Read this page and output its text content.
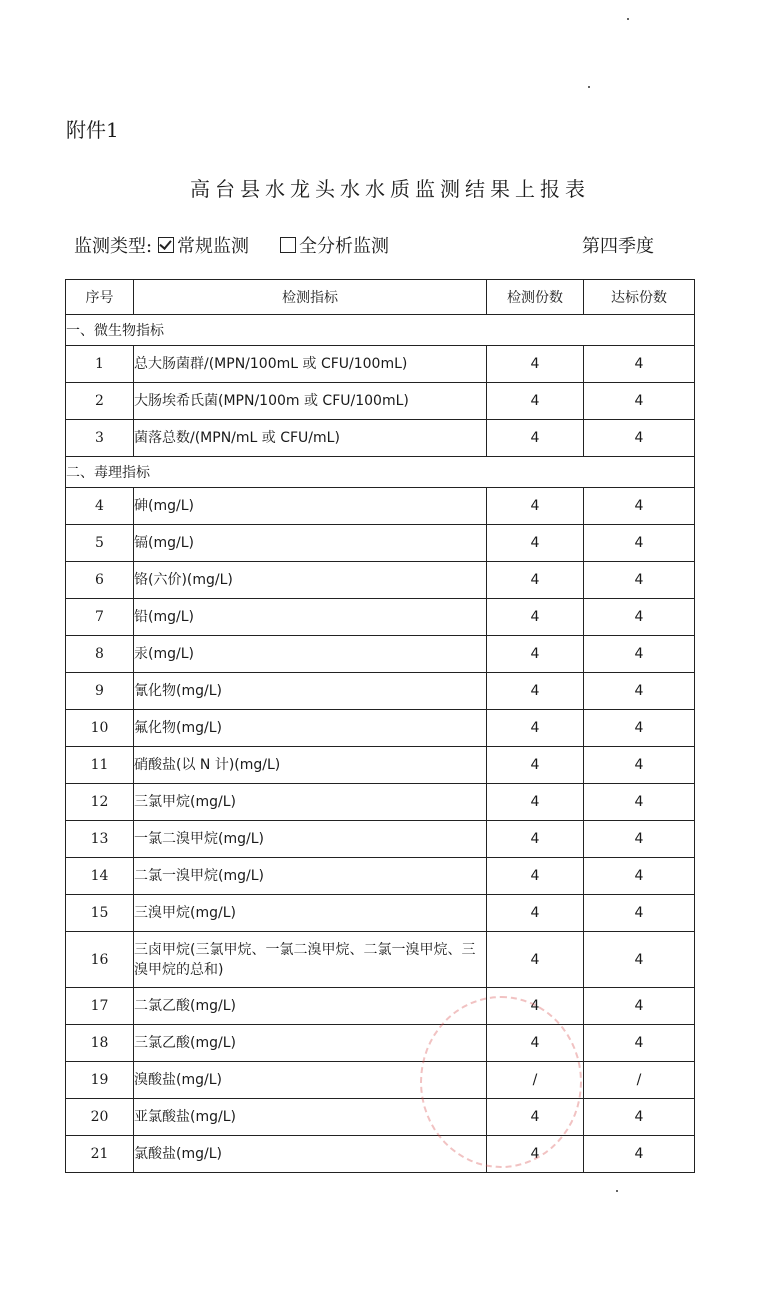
附件1
高台县水龙头水水质监测结果上报表
监测类型:	常规监测	全分析监测	第四季度
序号	检测指标	检测份数	达标份数
一、微生物指标			
1	总大肠菌群/(MPN/100mL 或 CFU/100mL)	4	4
2	大肠埃希氏菌(MPN/100m 或 CFU/100mL)	4	4
3	菌落总数/(MPN/mL 或 CFU/mL)	4	4
二、毒理指标			
4	砷(mg/L)	4	4
5	镉(mg/L)	4	4
6	铬(六价)(mg/L)	4	4
7	铅(mg/L)	4	4
8	汞(mg/L)	4	4
9	氰化物(mg/L)	4	4
10	氟化物(mg/L)	4	4
11	硝酸盐(以 N 计)(mg/L)	4	4
12	三氯甲烷(mg/L)	4	4
13	一氯二溴甲烷(mg/L)	4	4
14	二氯一溴甲烷(mg/L)	4	4
15	三溴甲烷(mg/L)	4	4
16	三卤甲烷(三氯甲烷、一氯二溴甲烷、二氯一溴甲烷、三溴甲烷的总和)	4	4
17	二氯乙酸(mg/L)	4	4
18	三氯乙酸(mg/L)	4	4
19	溴酸盐(mg/L)	/	/
20	亚氯酸盐(mg/L)	4	4
21	氯酸盐(mg/L)	4	4
